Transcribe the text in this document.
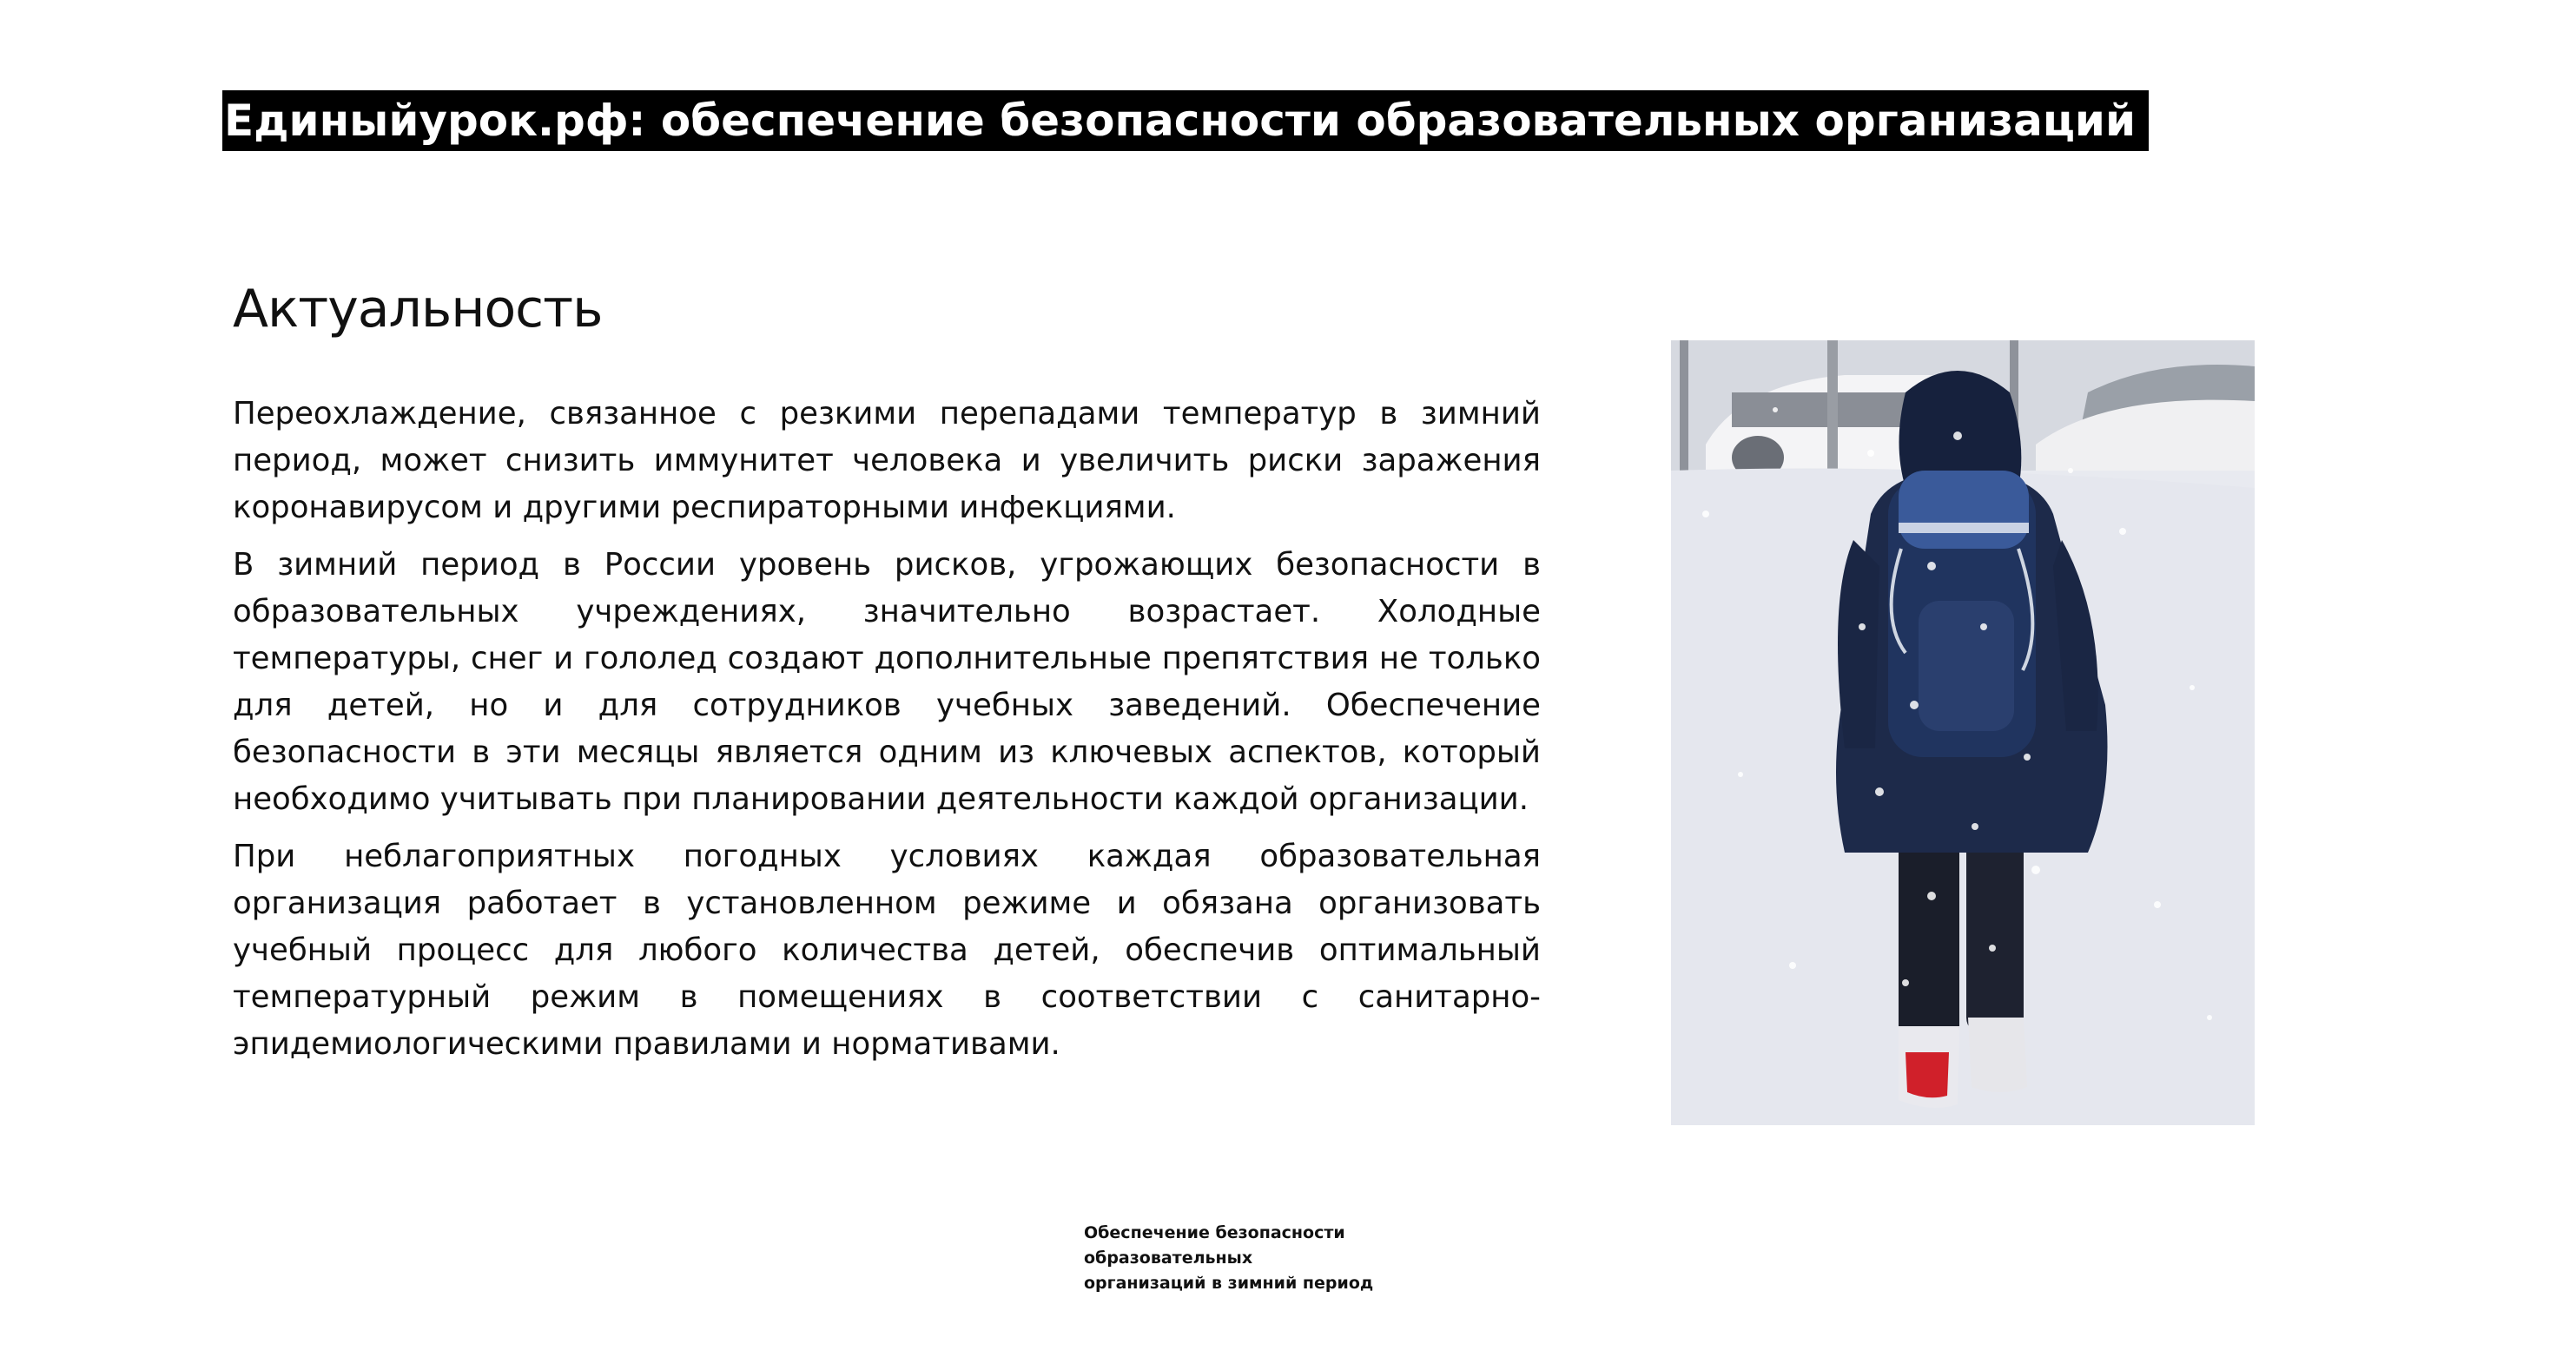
Единыйурок.рф: обеспечение безопасности образовательных организаций в зимний период
Актуальность

Переохлаждение, связанное с резкими перепадами температур в зимний период, может снизить иммунитет человека и увеличить риски заражения коронавирусом и другими респираторными инфекциями.

В зимний период в России уровень рисков, угрожающих безопасности в образовательных учреждениях, значительно возрастает. Холодные температуры, снег и гололед создают дополнительные препятствия не только для детей, но и для сотрудников учебных заведений. Обеспечение безопасности в эти месяцы является одним из ключевых аспектов, который необходимо учитывать при планировании деятельности каждой организации.

При неблагоприятных погодных условиях каждая образовательная организация работает в установленном режиме и обязана организовать учебный процесс для любого количества детей, обеспечив оптимальный температурный режим в помещениях в соответствии с санитарно-эпидемиологическими правилами и нормативами.

Обеспечение безопасности образовательных
организаций в зимний период
